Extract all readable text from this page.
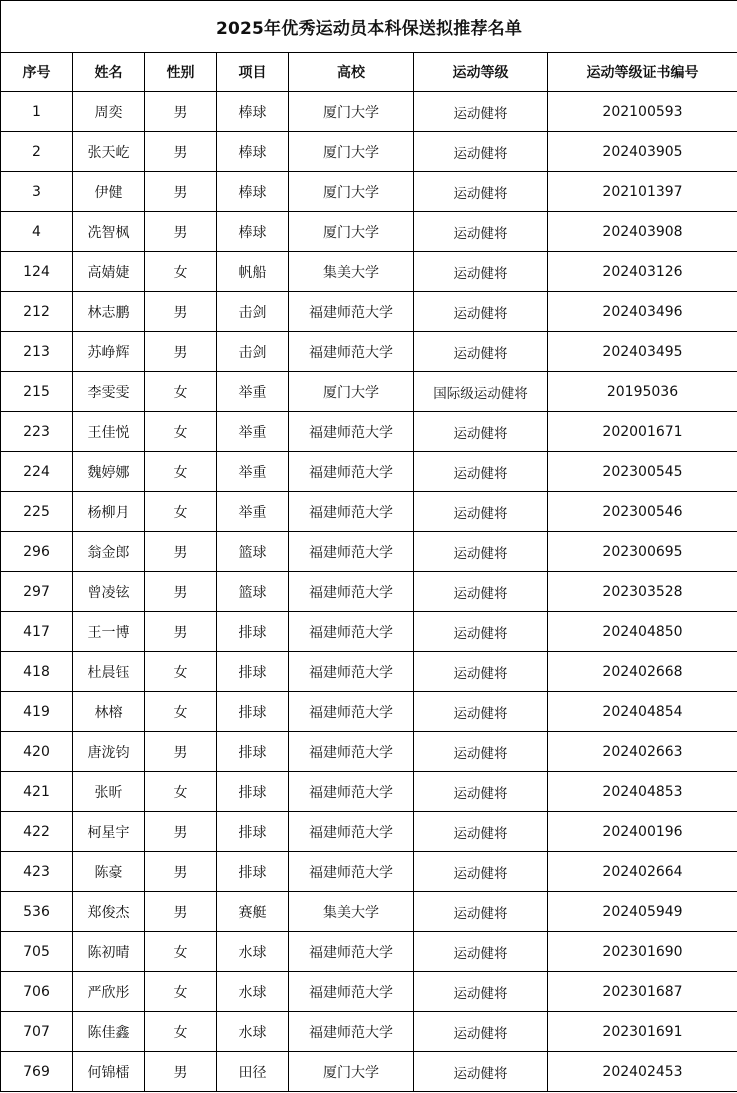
2025年优秀运动员本科保送拟推荐名单						
序号	姓名	性别	项目	高校	运动等级	运动等级证书编号
1	周奕	男	棒球	厦门大学	运动健将	202100593
2	张天屹	男	棒球	厦门大学	运动健将	202403905
3	伊健	男	棒球	厦门大学	运动健将	202101397
4	冼智枫	男	棒球	厦门大学	运动健将	202403908
124	高婧婕	女	帆船	集美大学	运动健将	202403126
212	林志鹏	男	击剑	福建师范大学	运动健将	202403496
213	苏峥辉	男	击剑	福建师范大学	运动健将	202403495
215	李雯雯	女	举重	厦门大学	国际级运动健将	20195036
223	王佳悦	女	举重	福建师范大学	运动健将	202001671
224	魏婷娜	女	举重	福建师范大学	运动健将	202300545
225	杨柳月	女	举重	福建师范大学	运动健将	202300546
296	翁金郎	男	篮球	福建师范大学	运动健将	202300695
297	曾凌铉	男	篮球	福建师范大学	运动健将	202303528
417	王一博	男	排球	福建师范大学	运动健将	202404850
418	杜晨钰	女	排球	福建师范大学	运动健将	202402668
419	林榕	女	排球	福建师范大学	运动健将	202404854
420	唐泷钧	男	排球	福建师范大学	运动健将	202402663
421	张昕	女	排球	福建师范大学	运动健将	202404853
422	柯星宇	男	排球	福建师范大学	运动健将	202400196
423	陈豪	男	排球	福建师范大学	运动健将	202402664
536	郑俊杰	男	赛艇	集美大学	运动健将	202405949
705	陈初晴	女	水球	福建师范大学	运动健将	202301690
706	严欣彤	女	水球	福建师范大学	运动健将	202301687
707	陈佳鑫	女	水球	福建师范大学	运动健将	202301691
769	何锦檑	男	田径	厦门大学	运动健将	202402453
